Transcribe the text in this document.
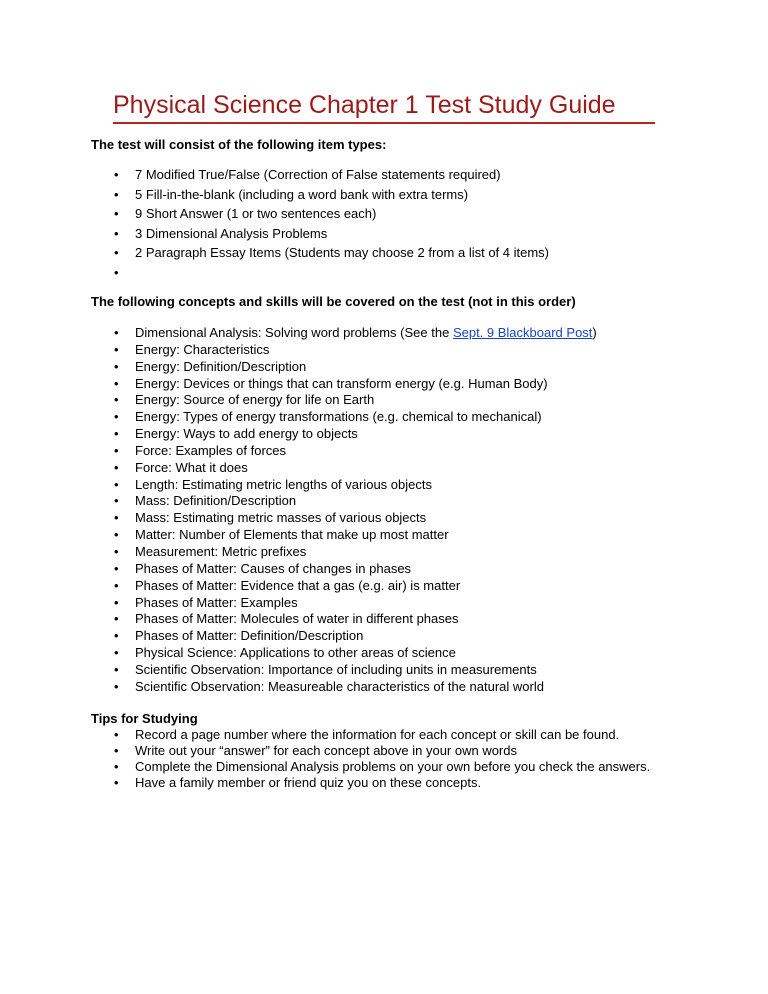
Physical Science Chapter 1 Test Study Guide

The test will consist of the following item types:

• 7 Modified True/False (Correction of False statements required)
• 5 Fill-in-the-blank (including a word bank with extra terms)
• 9 Short Answer (1 or two sentences each)
• 3 Dimensional Analysis Problems
• 2 Paragraph Essay Items (Students may choose 2 from a list of 4 items)
•

The following concepts and skills will be covered on the test (not in this order)

• Dimensional Analysis: Solving word problems (See the Sept. 9 Blackboard Post)
• Energy: Characteristics
• Energy: Definition/Description
• Energy: Devices or things that can transform energy (e.g. Human Body)
• Energy: Source of energy for life on Earth
• Energy: Types of energy transformations (e.g. chemical to mechanical)
• Energy: Ways to add energy to objects
• Force: Examples of forces
• Force: What it does
• Length: Estimating metric lengths of various objects
• Mass: Definition/Description
• Mass: Estimating metric masses of various objects
• Matter: Number of Elements that make up most matter
• Measurement: Metric prefixes
• Phases of Matter: Causes of changes in phases
• Phases of Matter: Evidence that a gas (e.g. air) is matter
• Phases of Matter: Examples
• Phases of Matter: Molecules of water in different phases
• Phases of Matter: Definition/Description
• Physical Science: Applications to other areas of science
• Scientific Observation: Importance of including units in measurements
• Scientific Observation: Measureable characteristics of the natural world

Tips for Studying

• Record a page number where the information for each concept or skill can be found.
• Write out your “answer” for each concept above in your own words
• Complete the Dimensional Analysis problems on your own before you check the answers.
• Have a family member or friend quiz you on these concepts.
